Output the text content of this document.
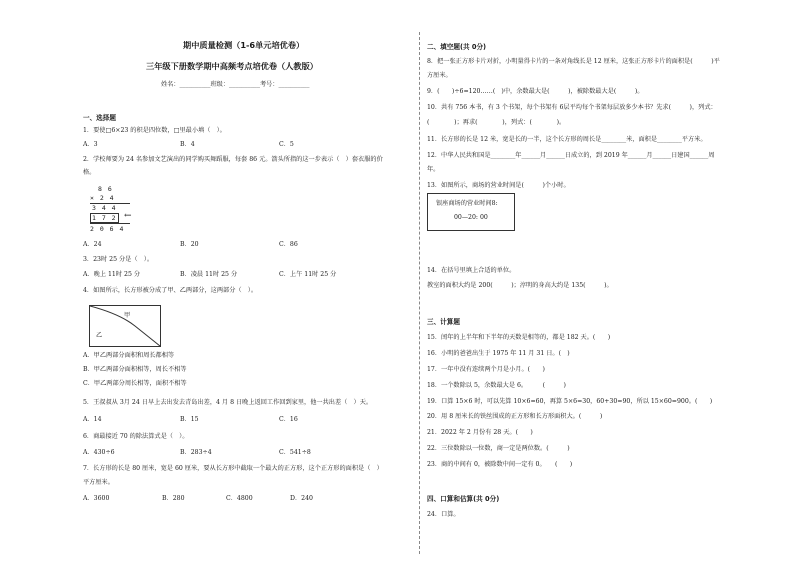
期中质量检测（1-6单元培优卷）
三年级下册数学期中高频考点培优卷（人教版）
姓名：__________班级：__________考号：__________
一、选择题
1．要使□6×23 的积是四位数，□里最小填（　）。
A．3	B．4	C．5
2．学校师要为 24 名参加文艺演出的同学购买舞蹈服，每套 86 元。箭头所指的这一步表示（　）套衣服的价
格。
8 6
× 2 4
3 4 4
1 7 2 ←
2 0 6 4
A．24	B．20	C．86
3．23时 25 分是（　）。
A．晚上 11时 25 分	B．凌晨 11时 25 分	C．上午 11时 25 分
4．如图所示，长方形被分成了甲、乙两部分，这两部分（　）。
甲
乙
A．甲乙两部分面积和周长都相等
B．甲乙两部分面积相等，周长不相等
C．甲乙两部分周长相等，面积不相等
5．王叔叔从 3月 24 日早上去出发去青岛出差，4 月 8 日晚上返回工作回到家里，他一共出差（　）天。
A．14	B．15	C．16
6．商最接近 70 的除法算式是（　）。
A．430÷6	B．283÷4	C．541÷8
7．长方形的长是 80 厘米，宽是 60 厘米，要从长方形中截取一个最大的正方形，这个正方形的面积是（　）
平方厘米。
A．3600	B．280	C．4800	D．240
二、填空题(共 0分)
8．把一张正方形卡片对折，小明量得卡片的一条对角线长是 12 厘米，这张正方形卡片的面积是(　　　)平
方厘米。
9．(　　)÷6=120……(　)中，余数最大是(　　　)，被除数最大是(　　　)。
10．共有 756 本书，有 3 个书架，每个书架有 6层平均每个书架每层放多少本书？先求(　　　)，列式：
(　　　　)；再求(　　　　)，列式：(　　　　)。
11．长方形的长是 12 米，宽是长的一半，这个长方形的周长是________米，面积是________平方米。
12．中华人民共和国是________年______月______日成立的，到 2019 年______月______日建国______周
年。
13．如图所示，商场的营业时间是(　　　)个小时。
银座商场的营业时间8:
00—20: 00
14．在括号里填上合适的单位。
教室的面积大约是 200(　　　)；淳明的身高大约是 135(　　　)。
三、计算题
15．闰年的上半年和下半年的天数是相等的，都是 182 天。(　　)
16．小明的爸爸出生于 1975 年 11 月 31 日。(　)
17．一年中没有连续两个月是小月。(　　)
18．一个数除以 5，余数最大是 6。　　　(　　　)
19．口算 15×6 时，可以先算 10×6=60，再算 5×6=30，60+30=90，所以 15×60=900。(　　)
20．用 8 厘米长的铁丝围成的正方形和长方形面积大。(　　　)
21．2022 年 2 月份有 28 天。(　　)
22．三位数除以一位数，商一定是两位数。(　　　)
23．商的中间有 0，被除数中间一定有 0。　　(　　)
四、口算和估算(共 0分)
24．口算。
